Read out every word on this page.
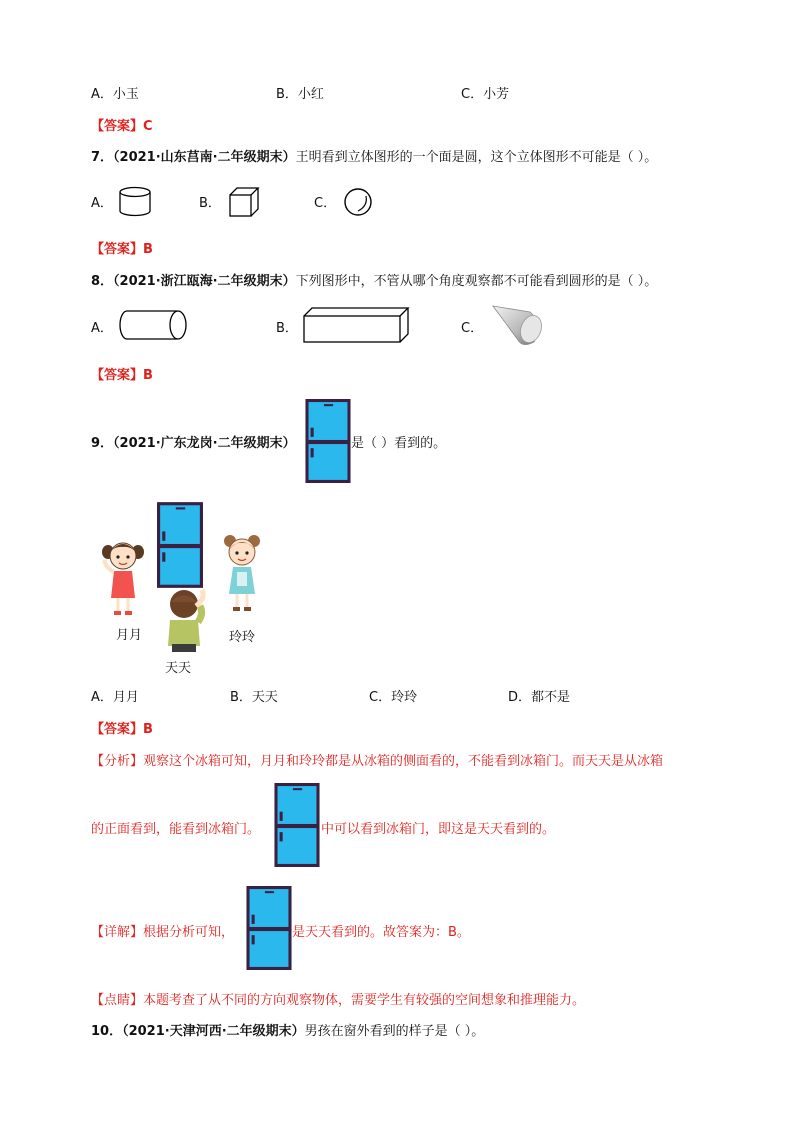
A．小玉	B．小红	C．小芳
【答案】C
7．（2021·山东莒南·二年级期末）王明看到立体图形的一个面是圆，这个立体图形不可能是（ ）。
A．	B．	C．
【答案】B
8．（2021·浙江瓯海·二年级期末）下列图形中，不管从哪个角度观察都不可能看到圆形的是（ ）。
A．	B．	C．
【答案】B
9．（2021·广东龙岗·二年级期末）	是（ ）看到的。
月月
天天
玲玲
A．月月	B．天天	C．玲玲	D．都不是
【答案】B
【分析】观察这个冰箱可知，月月和玲玲都是从冰箱的侧面看的，不能看到冰箱门。而天天是从冰箱
的正面看到，能看到冰箱门。	中可以看到冰箱门，即这是天天看到的。
【详解】根据分析可知，	是天天看到的。故答案为：B。
【点睛】本题考查了从不同的方向观察物体，需要学生有较强的空间想象和推理能力。
10．（2021·天津河西·二年级期末）男孩在窗外看到的样子是（ ）。
